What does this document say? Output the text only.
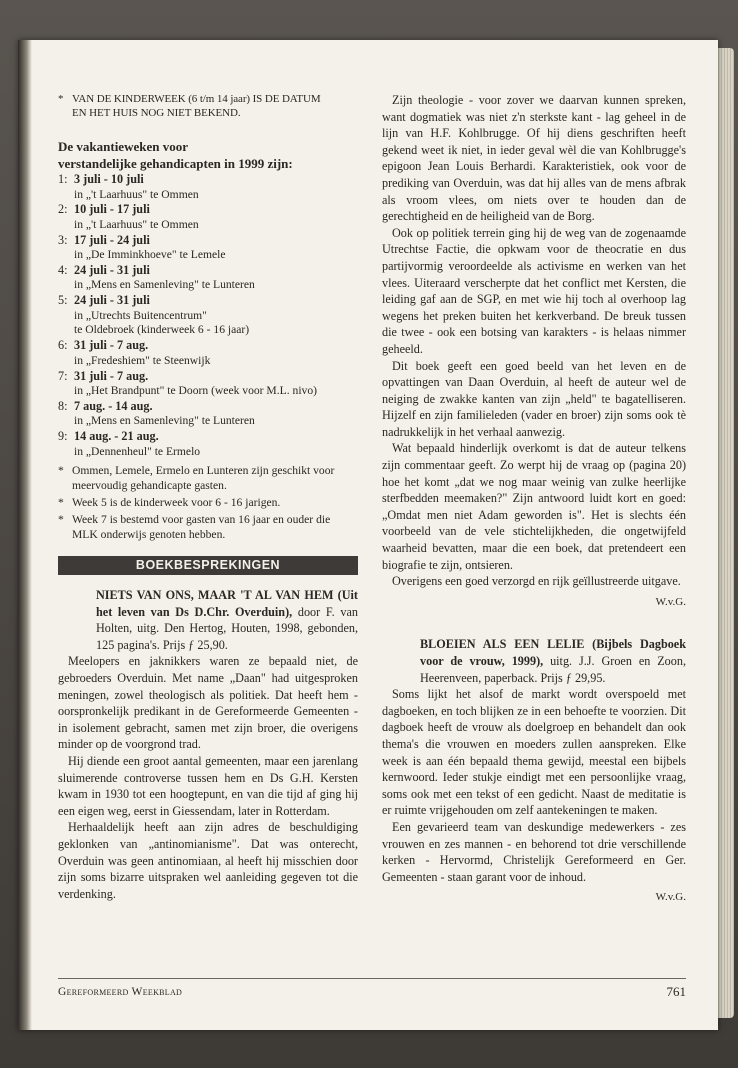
* VAN DE KINDERWEEK (6 t/m 14 jaar) IS DE DATUM
EN HET HUIS NOG NIET BEKEND.
De vakantieweken voor
verstandelijke gehandicapten in 1999 zijn:
1: 3 juli - 10 juli
in „'t Laarhuus" te Ommen
2: 10 juli - 17 juli
in „'t Laarhuus" te Ommen
3: 17 juli - 24 juli
in „De Imminkhoeve" te Lemele
4: 24 juli - 31 juli
in „Mens en Samenleving" te Lunteren
5: 24 juli - 31 juli
in „Utrechts Buitencentrum"
te Oldebroek (kinderweek 6 - 16 jaar)
6: 31 juli - 7 aug.
in „Fredeshiem" te Steenwijk
7: 31 juli - 7 aug.
in „Het Brandpunt" te Doorn (week voor M.L. nivo)
8: 7 aug. - 14 aug.
in „Mens en Samenleving" te Lunteren
9: 14 aug. - 21 aug.
in „Dennenheul" te Ermelo
* Ommen, Lemele, Ermelo en Lunteren zijn geschikt voor meervoudig gehandicapte gasten.
* Week 5 is de kinderweek voor 6 - 16 jarigen.
* Week 7 is bestemd voor gasten van 16 jaar en ouder die MLK onderwijs genoten hebben.
BOEKBESPREKINGEN
NIETS VAN ONS, MAAR 'T AL VAN HEM (Uit het leven van Ds D.Chr. Overduin), door F. van Holten, uitg. Den Hertog, Houten, 1998, gebonden, 125 pagina's. Prijs ƒ 25,90.

Meelopers en jaknikkers waren ze bepaald niet, de gebroeders Overduin. Met name „Daan" had uitgesproken meningen, zowel theologisch als politiek. Dat heeft hem - oorspronkelijk predikant in de Gereformeerde Gemeenten - in isolement gebracht, samen met zijn broer, die overigens minder op de voorgrond trad.

Hij diende een groot aantal gemeenten, maar een jarenlang sluimerende controverse tussen hem en Ds G.H. Kersten kwam in 1930 tot een hoogtepunt, en van die tijd af ging hij een eigen weg, eerst in Giessendam, later in Rotterdam.

Herhaaldelijk heeft aan zijn adres de beschuldiging geklonken van „antinomianisme". Dat was onterecht, Overduin was geen antinomiaan, al heeft hij misschien door zijn soms bizarre uitspraken wel aanleiding gegeven tot die verdenking.

Zijn theologie - voor zover we daarvan kunnen spreken, want dogmatiek was niet z'n sterkste kant - lag geheel in de lijn van H.F. Kohlbrugge. Of hij diens geschriften heeft gekend weet ik niet, in ieder geval wèl die van Kohlbrugge's epigoon Jean Louis Berhardi. Karakteristiek, ook voor de prediking van Overduin, was dat hij alles van de mens afbrak als vroom vlees, om niets over te houden dan de gerechtigheid en de heiligheid van de Borg.

Ook op politiek terrein ging hij de weg van de zogenaamde Utrechtse Factie, die opkwam voor de theocratie en dus partijvormig veroordeelde als activisme en werken van het vlees. Uiteraard verscherpte dat het conflict met Kersten, die leiding gaf aan de SGP, en met wie hij toch al overhoop lag wegens het preken buiten het kerkverband. De breuk tussen die twee - ook een botsing van karakters - is helaas nimmer geheeld.

Dit boek geeft een goed beeld van het leven en de opvattingen van Daan Overduin, al heeft de auteur wel de neiging de zwakke kanten van zijn „held" te bagatelliseren. Hijzelf en zijn familieleden (vader en broer) zijn soms ook tè nadrukkelijk in het verhaal aanwezig.

Wat bepaald hinderlijk overkomt is dat de auteur telkens zijn commentaar geeft. Zo werpt hij de vraag op (pagina 20) hoe het komt „dat we nog maar weinig van zulke heerlijke sterfbedden meemaken?" Zijn antwoord luidt kort en goed: „Omdat men niet Adam geworden is". Het is slechts één voorbeeld van de vele stichtelijkheden, die ongetwijfeld waarheid bevatten, maar die een boek, dat pretendeert een biografie te zijn, ontsieren.

Overigens een goed verzorgd en rijk geïllustreerde uitgave.

W.v.G.
BLOEIEN ALS EEN LELIE (Bijbels Dagboek voor de vrouw, 1999), uitg. J.J. Groen en Zoon, Heerenveen, paperback. Prijs ƒ 29,95.

Soms lijkt het alsof de markt wordt overspoeld met dagboeken, en toch blijken ze in een behoefte te voorzien. Dit dagboek heeft de vrouw als doelgroep en behandelt dan ook thema's die vrouwen en moeders zullen aanspreken. Elke week is aan één bepaald thema gewijd, meestal een bijbels kernwoord. Ieder stukje eindigt met een persoonlijke vraag, soms ook met een tekst of een gedicht. Naast de meditatie is er ruimte vrijgehouden om zelf aantekeningen te maken.

Een gevarieerd team van deskundige medewerkers - zes vrouwen en zes mannen - en behorend tot drie verschillende kerken - Hervormd, Christelijk Gereformeerd en Ger. Gemeenten - staan garant voor de inhoud.

W.v.G.
Gereformeerd Weekblad	761
